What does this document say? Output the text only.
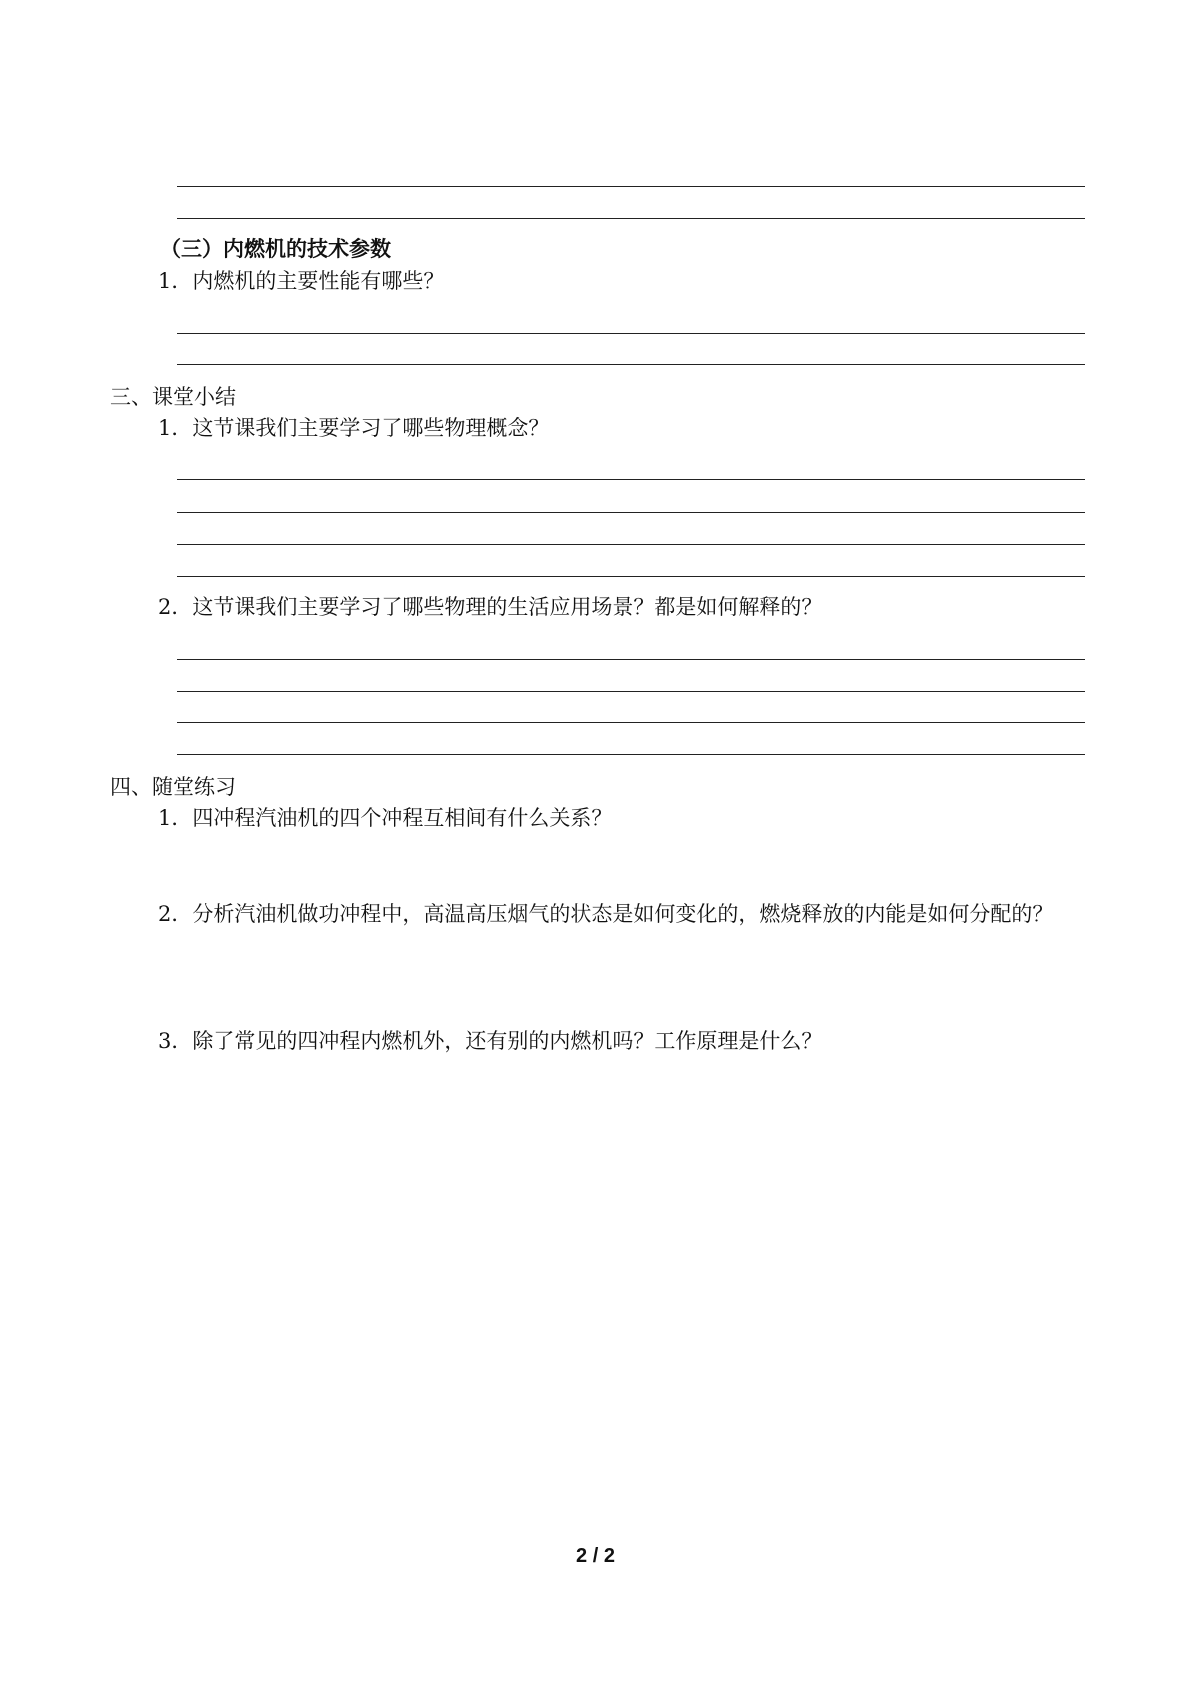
（三）内燃机的技术参数
1．内燃机的主要性能有哪些？
三、课堂小结
1．这节课我们主要学习了哪些物理概念？
2．这节课我们主要学习了哪些物理的生活应用场景？都是如何解释的？
四、随堂练习
1．四冲程汽油机的四个冲程互相间有什么关系？
2．分析汽油机做功冲程中，高温高压烟气的状态是如何变化的，燃烧释放的内能是如何分配的？
3．除了常见的四冲程内燃机外，还有别的内燃机吗？工作原理是什么？
2 / 2
